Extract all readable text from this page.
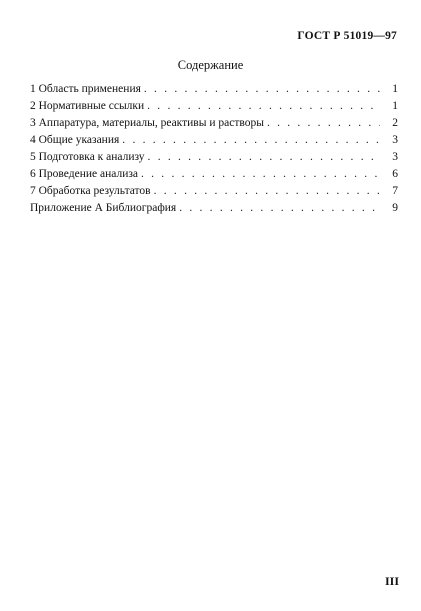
ГОСТ Р 51019—97
Содержание
1 Область применения . . .	1
2 Нормативные ссылки . . .	1
3 Аппаратура, материалы, реактивы и растворы . . .	2
4 Общие указания . . .	3
5 Подготовка к анализу . . .	3
6 Проведение анализа . . .	6
7 Обработка результатов . . .	7
Приложение А Библиография . . .	9
III
